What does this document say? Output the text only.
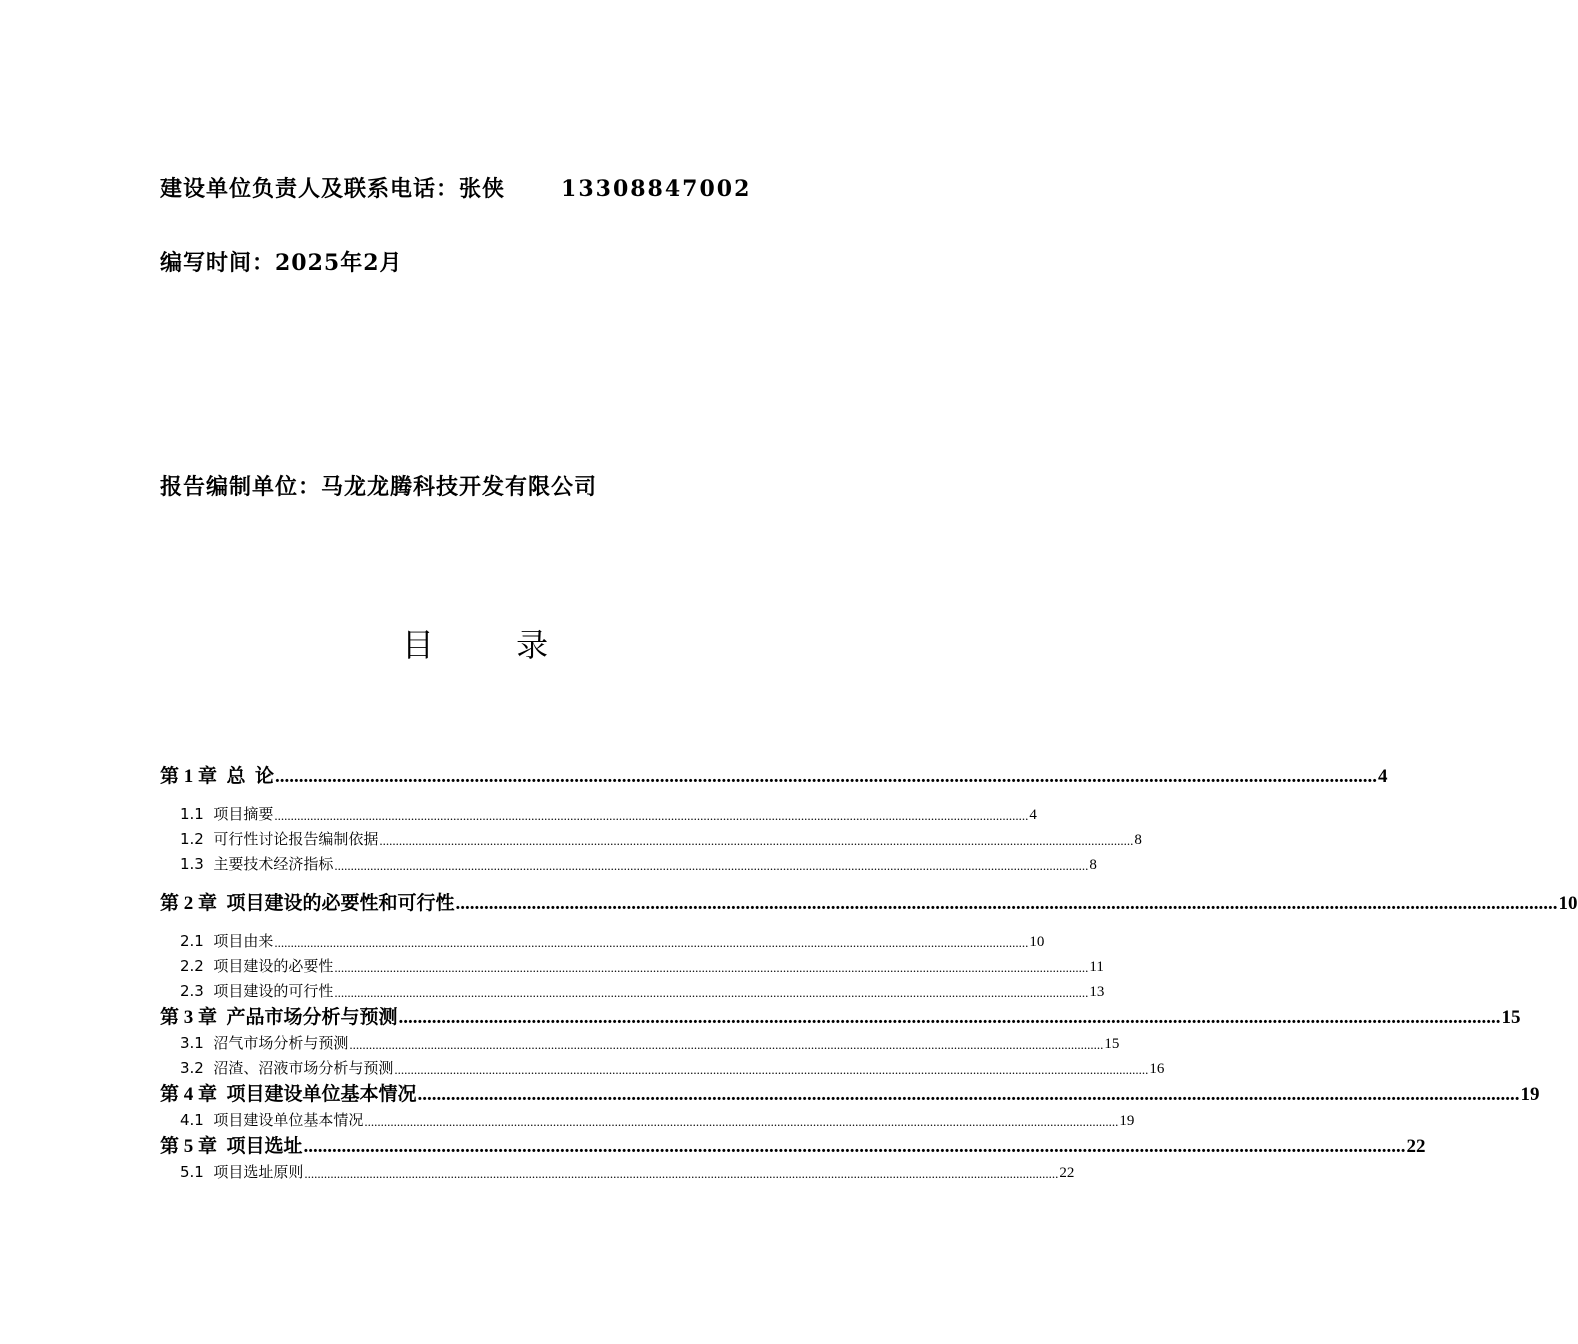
建设单位负责人及联系电话：张侠	13308847002
编写时间：2025年2月
报告编制单位：马龙龙腾科技开发有限公司
目 录
第 1 章  总  论 ........................................................................................................................................................................................................................................ 4
1.1  项目摘要 ........................................................................................................................................................................................................................................ 4
1.2  可行性讨论报告编制依据 ........................................................................................................................................................................................................................................ 8
1.3  主要技术经济指标 ........................................................................................................................................................................................................................................ 8
第 2 章  项目建设的必要性和可行性 ........................................................................................................................................................................................................................................ 10
2.1  项目由来 ........................................................................................................................................................................................................................................ 10
2.2  项目建设的必要性 ........................................................................................................................................................................................................................................ 11
2.3  项目建设的可行性 ........................................................................................................................................................................................................................................ 13
第 3 章  产品市场分析与预测 ........................................................................................................................................................................................................................................ 15
3.1  沼气市场分析与预测 ........................................................................................................................................................................................................................................ 15
3.2  沼渣、沼液市场分析与预测 ........................................................................................................................................................................................................................................ 16
第 4 章  项目建设单位基本情况 ........................................................................................................................................................................................................................................ 19
4.1  项目建设单位基本情况 ........................................................................................................................................................................................................................................ 19
第 5 章  项目选址 ........................................................................................................................................................................................................................................ 22
5.1  项目选址原则 ........................................................................................................................................................................................................................................ 22
